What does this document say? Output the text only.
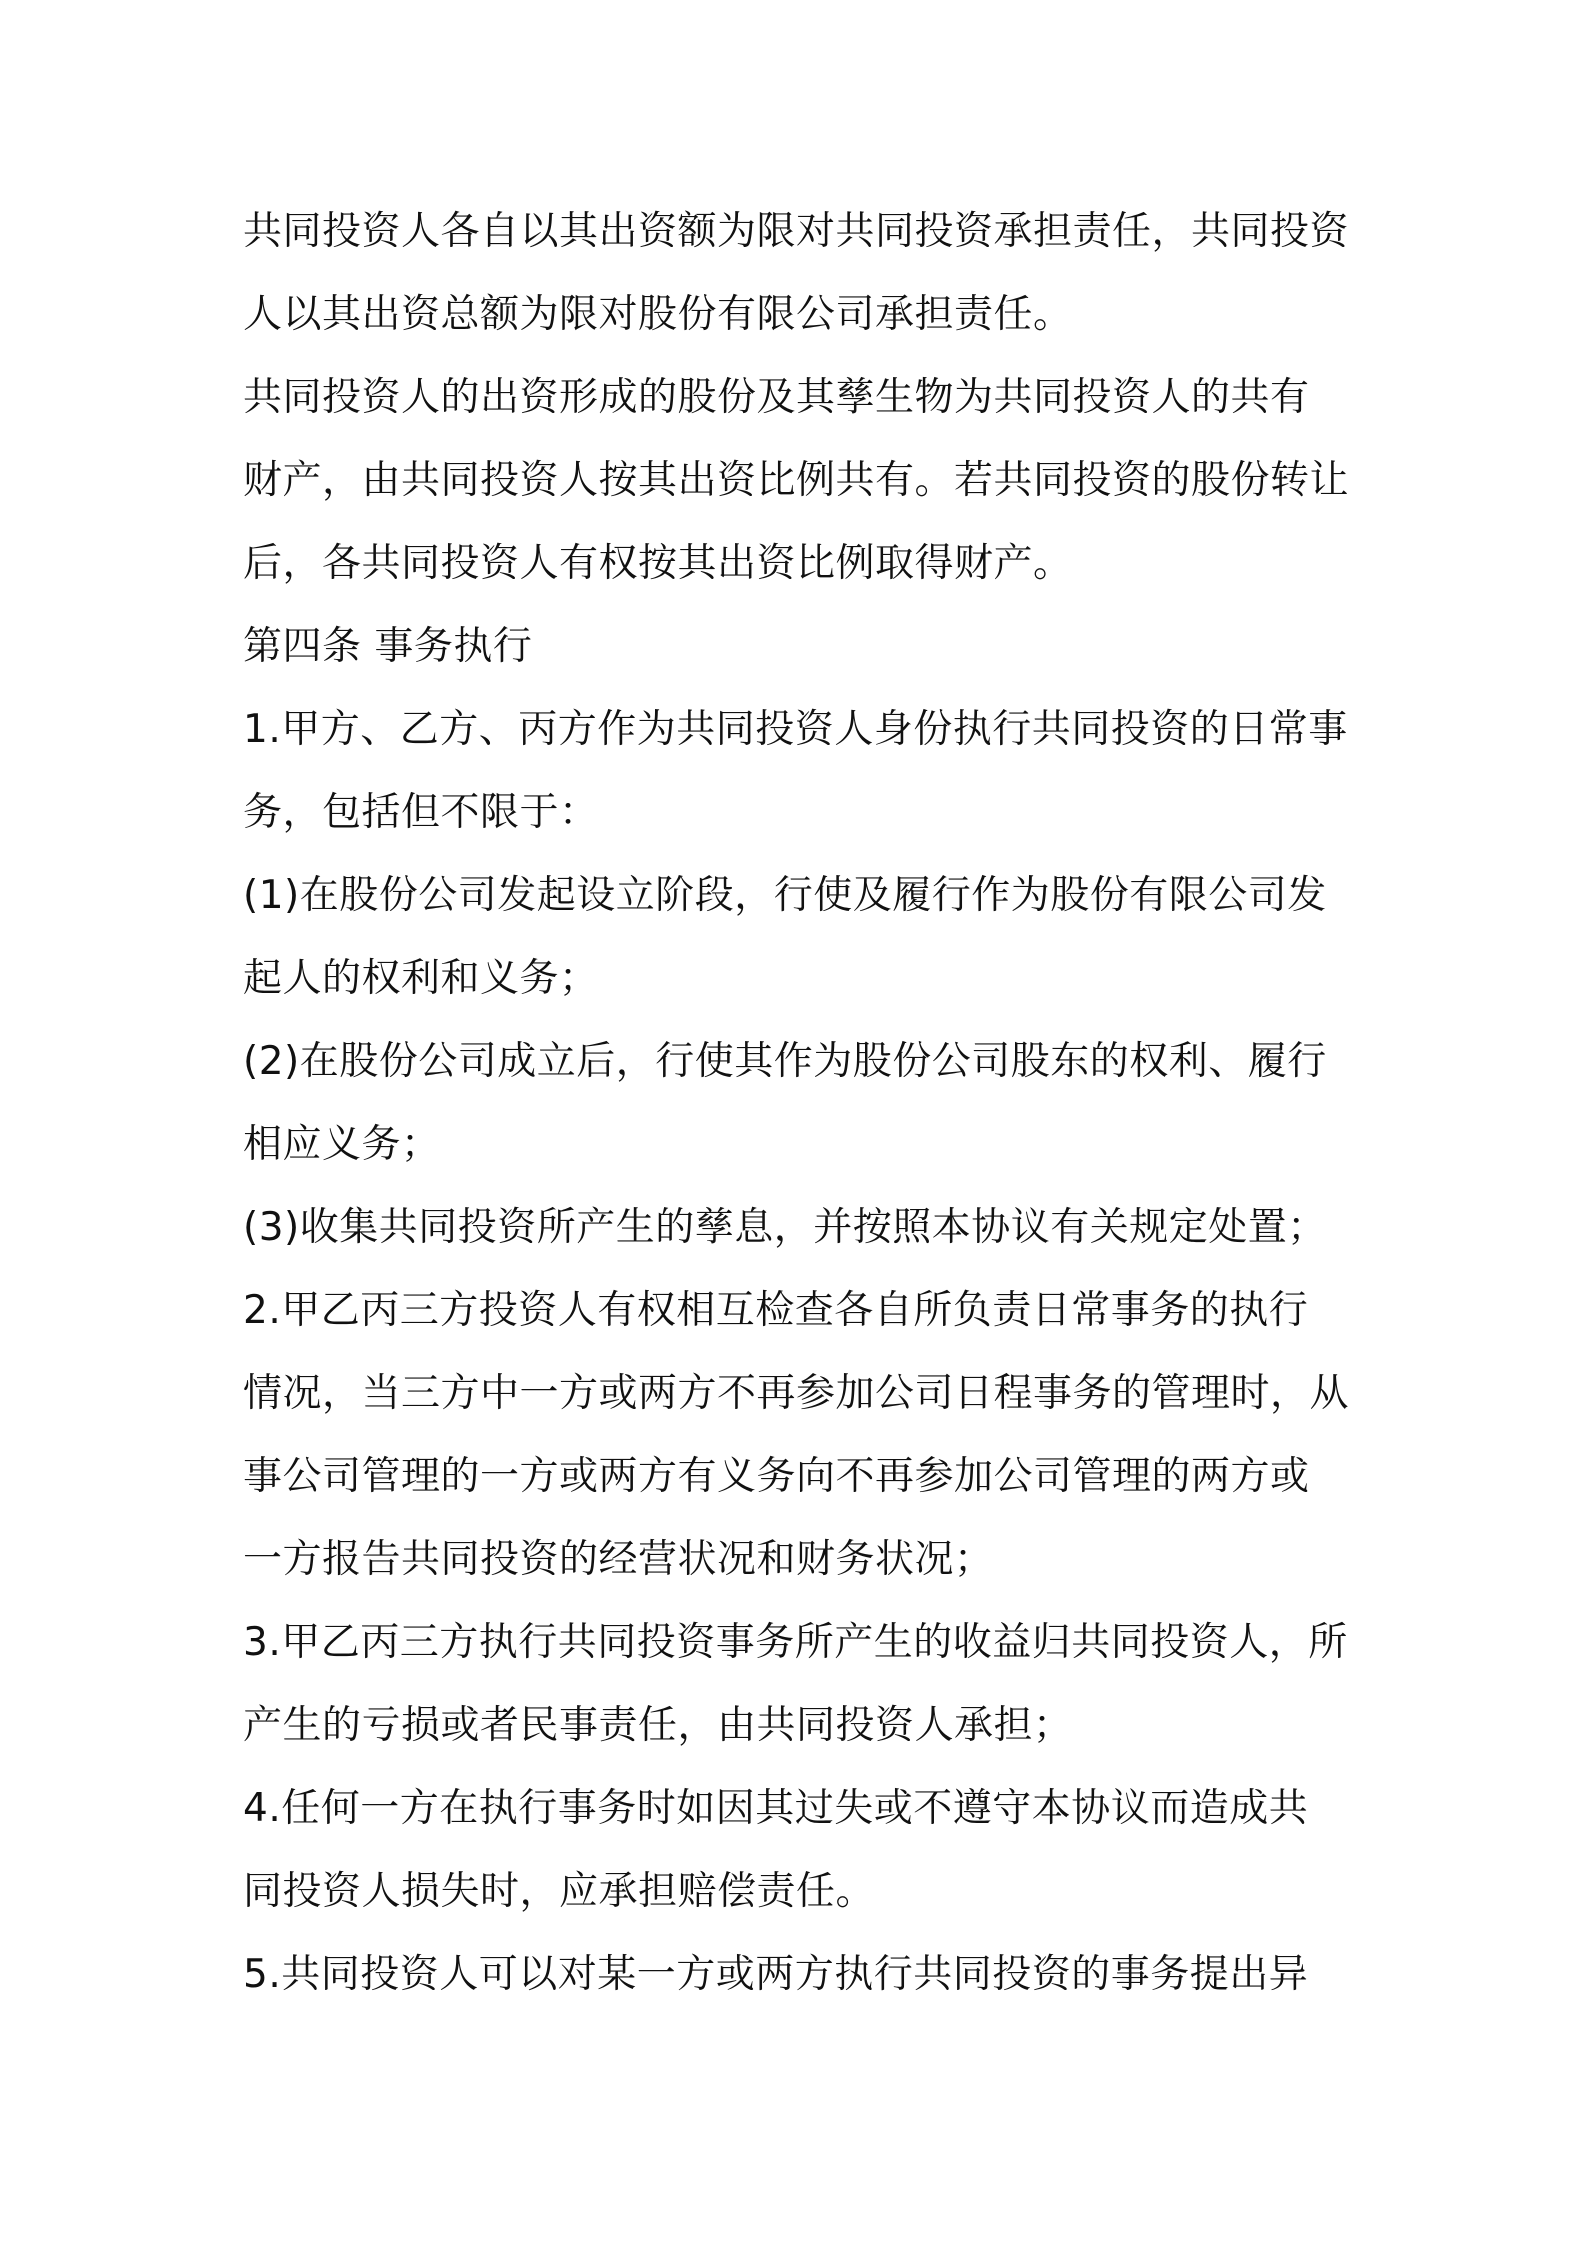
共同投资人各自以其出资额为限对共同投资承担责任，共同投资
人以其出资总额为限对股份有限公司承担责任。
共同投资人的出资形成的股份及其孳生物为共同投资人的共有
财产，由共同投资人按其出资比例共有。若共同投资的股份转让
后，各共同投资人有权按其出资比例取得财产。
第四条 事务执行
1.甲方、乙方、丙方作为共同投资人身份执行共同投资的日常事
务，包括但不限于：
(1)在股份公司发起设立阶段，行使及履行作为股份有限公司发
起人的权利和义务；
(2)在股份公司成立后，行使其作为股份公司股东的权利、履行
相应义务；
(3)收集共同投资所产生的孳息，并按照本协议有关规定处置；
2.甲乙丙三方投资人有权相互检查各自所负责日常事务的执行
情况，当三方中一方或两方不再参加公司日程事务的管理时，从
事公司管理的一方或两方有义务向不再参加公司管理的两方或
一方报告共同投资的经营状况和财务状况；
3.甲乙丙三方执行共同投资事务所产生的收益归共同投资人，所
产生的亏损或者民事责任，由共同投资人承担；
4.任何一方在执行事务时如因其过失或不遵守本协议而造成共
同投资人损失时，应承担赔偿责任。
5.共同投资人可以对某一方或两方执行共同投资的事务提出异
